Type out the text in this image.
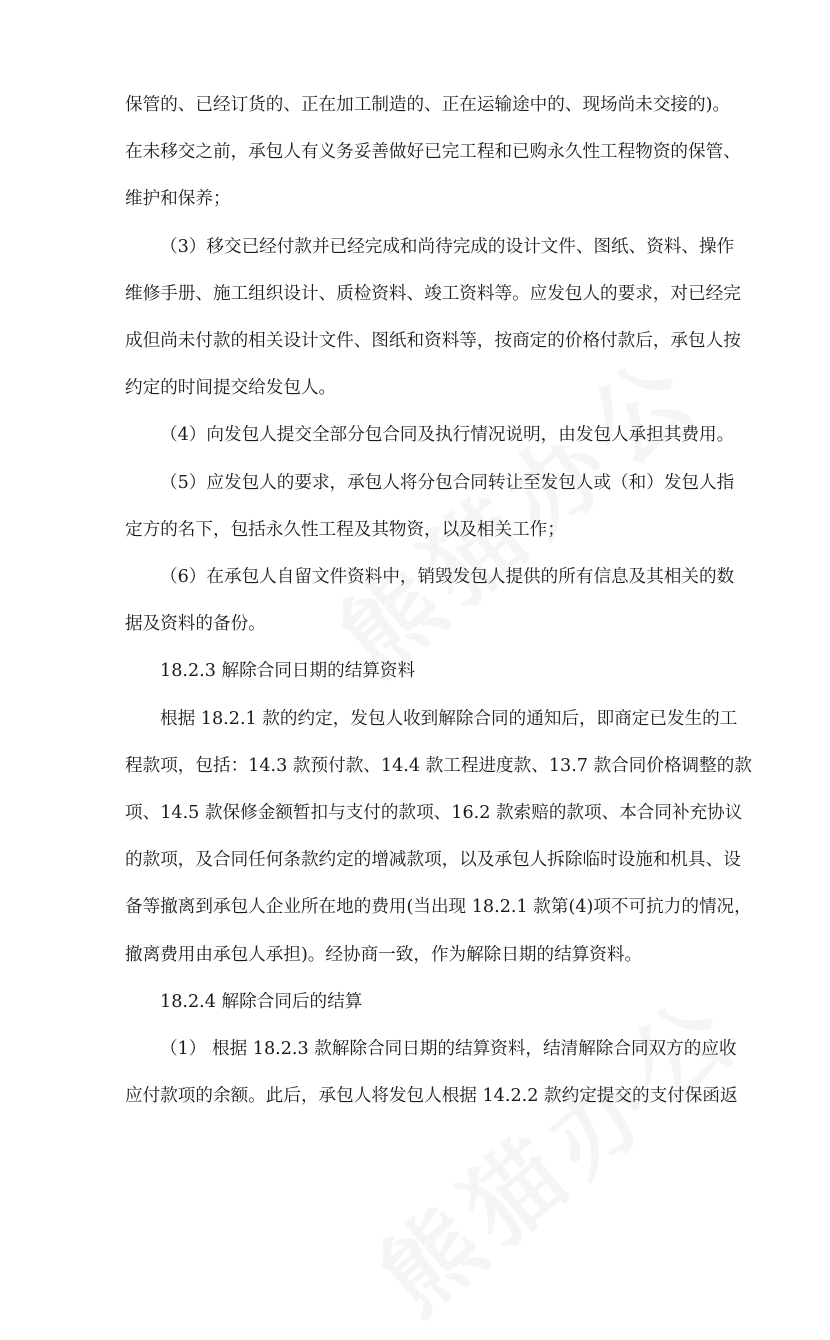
保管的、已经订货的、正在加工制造的、正在运输途中的、现场尚未交接的)。
在未移交之前，承包人有义务妥善做好已完工程和已购永久性工程物资的保管、
维护和保养；
（3）移交已经付款并已经完成和尚待完成的设计文件、图纸、资料、操作
维修手册、施工组织设计、质检资料、竣工资料等。应发包人的要求，对已经完
成但尚未付款的相关设计文件、图纸和资料等，按商定的价格付款后，承包人按
约定的时间提交给发包人。
（4）向发包人提交全部分包合同及执行情况说明，由发包人承担其费用。
（5）应发包人的要求，承包人将分包合同转让至发包人或（和）发包人指
定方的名下，包括永久性工程及其物资，以及相关工作；
（6）在承包人自留文件资料中，销毁发包人提供的所有信息及其相关的数
据及资料的备份。
18.2.3 解除合同日期的结算资料
根据 18.2.1 款的约定，发包人收到解除合同的通知后，即商定已发生的工
程款项，包括：14.3 款预付款、14.4 款工程进度款、13.7 款合同价格调整的款
项、14.5 款保修金额暂扣与支付的款项、16.2 款索赔的款项、本合同补充协议
的款项，及合同任何条款约定的增减款项，以及承包人拆除临时设施和机具、设
备等撤离到承包人企业所在地的费用(当出现 18.2.1 款第(4)项不可抗力的情况，
撤离费用由承包人承担)。经协商一致，作为解除日期的结算资料。
18.2.4 解除合同后的结算
（1） 根据 18.2.3 款解除合同日期的结算资料，结清解除合同双方的应收
应付款项的余额。此后，承包人将发包人根据 14.2.2 款约定提交的支付保函返
